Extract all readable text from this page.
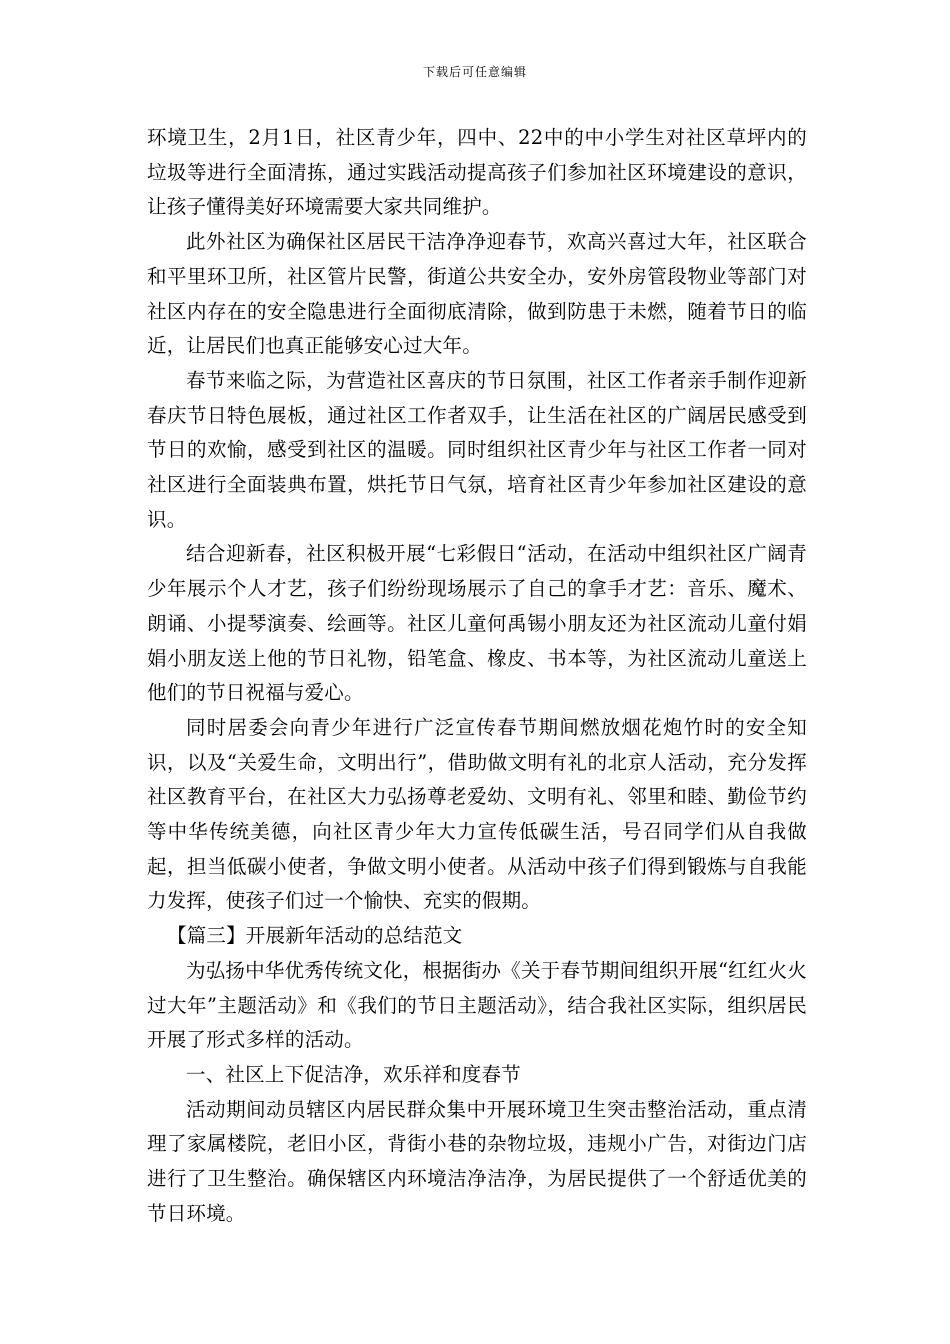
下载后可任意编辑

环境卫生，2月1日，社区青少年，四中、22中的中小学生对社区草坪内的垃圾等进行全面清拣，通过实践活动提高孩子们参加社区环境建设的意识，让孩子懂得美好环境需要大家共同维护。

此外社区为确保社区居民干洁净净迎春节，欢高兴喜过大年，社区联合和平里环卫所，社区管片民警，街道公共安全办，安外房管段物业等部门对社区内存在的安全隐患进行全面彻底清除，做到防患于未燃，随着节日的临近，让居民们也真正能够安心过大年。

春节来临之际，为营造社区喜庆的节日氛围，社区工作者亲手制作迎新春庆节日特色展板，通过社区工作者双手，让生活在社区的广阔居民感受到节日的欢愉，感受到社区的温暖。同时组织社区青少年与社区工作者一同对社区进行全面装典布置，烘托节日气氛，培育社区青少年参加社区建设的意识。

结合迎新春，社区积极开展“七彩假日“活动，在活动中组织社区广阔青少年展示个人才艺，孩子们纷纷现场展示了自己的拿手才艺：音乐、魔术、朗诵、小提琴演奏、绘画等。社区儿童何禹锡小朋友还为社区流动儿童付娟娟小朋友送上他的节日礼物，铅笔盒、橡皮、书本等，为社区流动儿童送上他们的节日祝福与爱心。

同时居委会向青少年进行广泛宣传春节期间燃放烟花炮竹时的安全知识，以及“关爱生命，文明出行”，借助做文明有礼的北京人活动，充分发挥社区教育平台，在社区大力弘扬尊老爱幼、文明有礼、邻里和睦、勤俭节约等中华传统美德，向社区青少年大力宣传低碳生活，号召同学们从自我做起，担当低碳小使者，争做文明小使者。从活动中孩子们得到锻炼与自我能力发挥，使孩子们过一个愉快、充实的假期。

【篇三】开展新年活动的总结范文

为弘扬中华优秀传统文化，根据街办《关于春节期间组织开展“红红火火过大年”主题活动》和《我们的节日主题活动》，结合我社区实际，组织居民开展了形式多样的活动。

一、社区上下促洁净，欢乐祥和度春节

活动期间动员辖区内居民群众集中开展环境卫生突击整治活动，重点清理了家属楼院，老旧小区，背街小巷的杂物垃圾，违规小广告，对街边门店进行了卫生整治。确保辖区内环境洁净洁净，为居民提供了一个舒适优美的节日环境。
